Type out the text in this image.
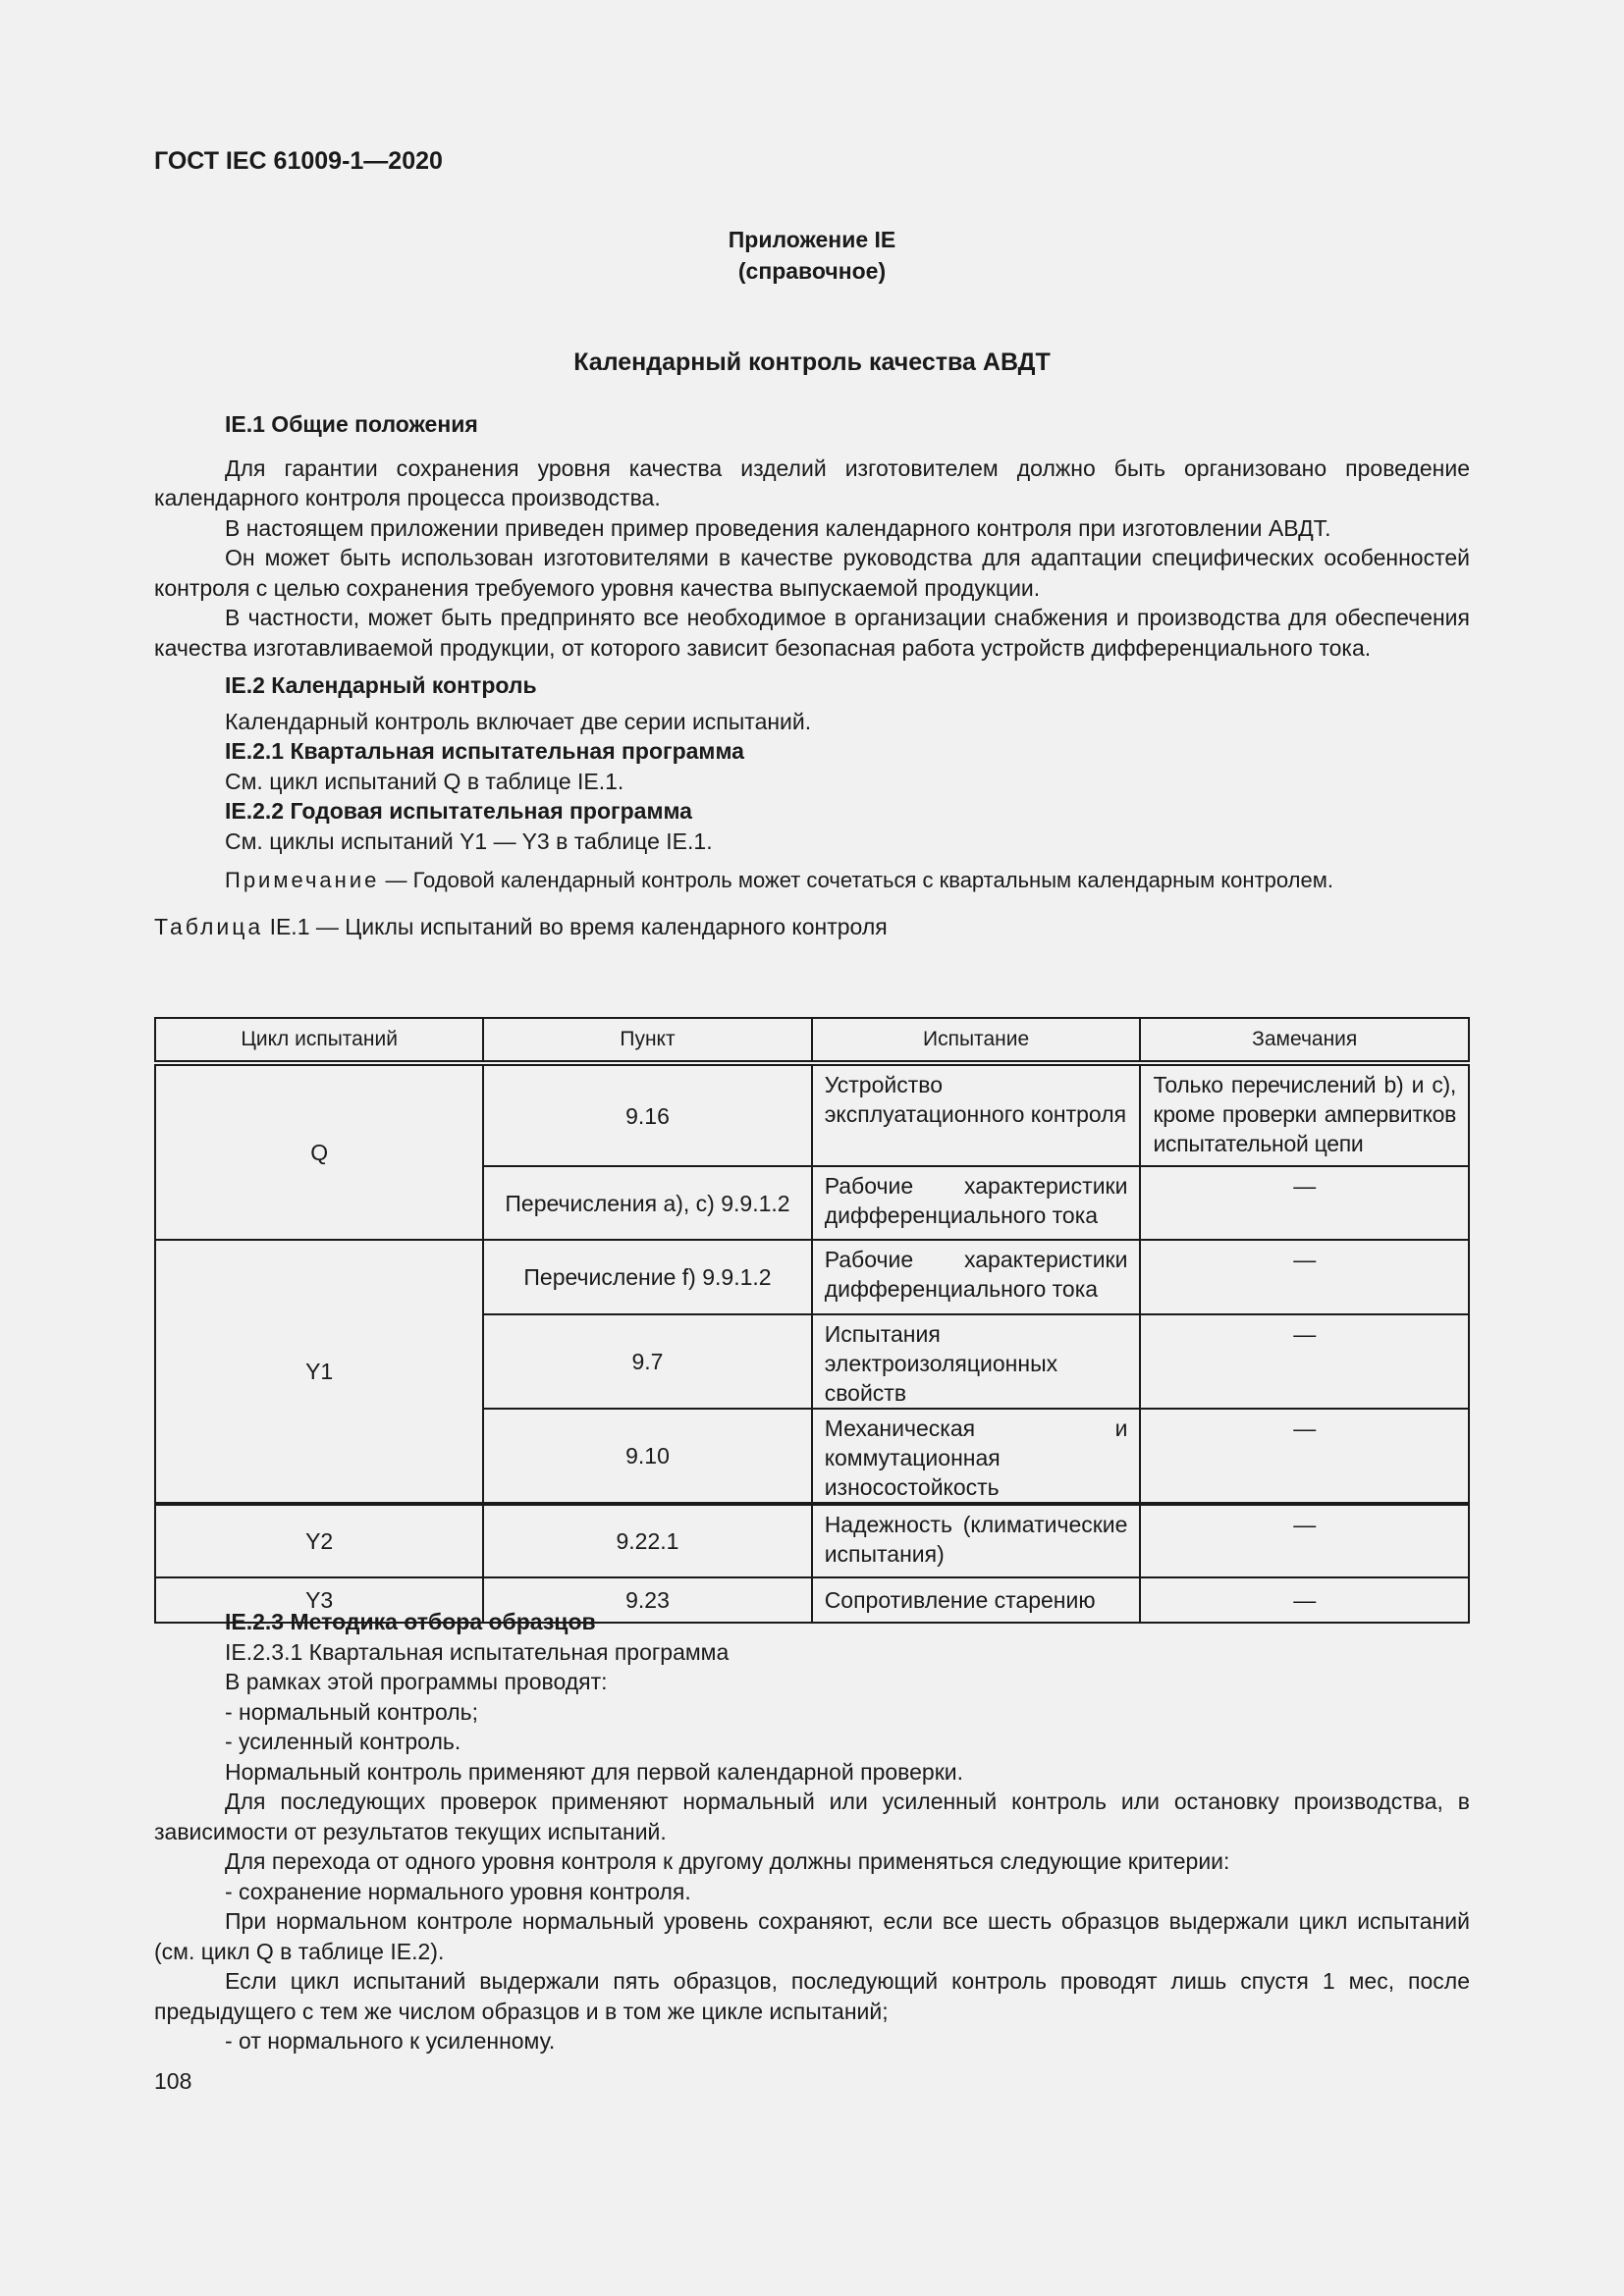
ГОСТ IEC 61009-1—2020
Приложение IE
(справочное)
Календарный контроль качества АВДТ

IE.1 Общие положения

Для гарантии сохранения уровня качества изделий изготовителем должно быть организовано проведение календарного контроля процесса производства.

В настоящем приложении приведен пример проведения календарного контроля при изготовлении АВДТ.

Он может быть использован изготовителями в качестве руководства для адаптации специфических особенностей контроля с целью сохранения требуемого уровня качества выпускаемой продукции.

В частности, может быть предпринято все необходимое в организации снабжения и производства для обеспечения качества изготавливаемой продукции, от которого зависит безопасная работа устройств дифференциального тока.

IE.2 Календарный контроль

Календарный контроль включает две серии испытаний.

IE.2.1 Квартальная испытательная программа

См. цикл испытаний Q в таблице IE.1.

IE.2.2 Годовая испытательная программа

См. циклы испытаний Y1 — Y3 в таблице IE.1.

Примечание — Годовой календарный контроль может сочетаться с квартальным календарным контролем.

Таблица IE.1 — Циклы испытаний во время календарного контроля

Цикл испытаний	Пункт	Испытание	Замечания
Q	9.16	Устройство эксплуатационного контроля	Только перечислений b) и c), кроме проверки ампервитков испытательной цепи
	Перечисления a), c) 9.9.1.2	Рабочие характеристики дифференциального тока	—
Y1	Перечисление f) 9.9.1.2	Рабочие характеристики дифференциального тока	—
	9.7	Испытания электроизоляционных свойств	—
	9.10	Механическая и коммутационная износостойкость	—
Y2	9.22.1	Надежность (климатические испытания)	—
Y3	9.23	Сопротивление старению	—

IE.2.3 Методика отбора образцов

IE.2.3.1 Квартальная испытательная программа

В рамках этой программы проводят:

- нормальный контроль;

- усиленный контроль.

Нормальный контроль применяют для первой календарной проверки.

Для последующих проверок применяют нормальный или усиленный контроль или остановку производства, в зависимости от результатов текущих испытаний.

Для перехода от одного уровня контроля к другому должны применяться следующие критерии:

- сохранение нормального уровня контроля.

При нормальном контроле нормальный уровень сохраняют, если все шесть образцов выдержали цикл испытаний (см. цикл Q в таблице IE.2).

Если цикл испытаний выдержали пять образцов, последующий контроль проводят лишь спустя 1 мес, после предыдущего с тем же числом образцов и в том же цикле испытаний;

- от нормального к усиленному.

108
